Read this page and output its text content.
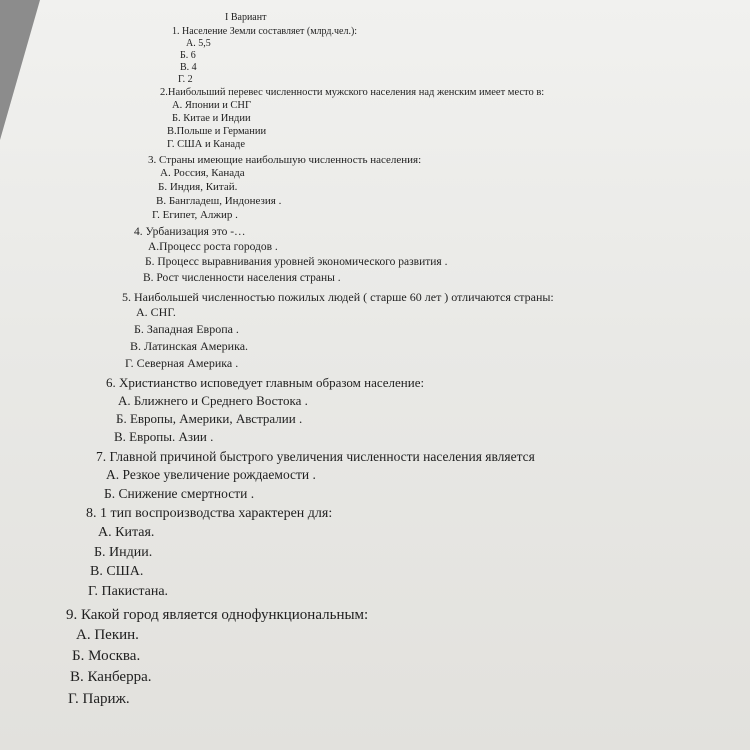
I Вариант
1. Население Земли составляет (млрд.чел.):
А. 5,5
Б. 6
В. 4
Г. 2
2.Наибольший перевес численности мужского населения над женским имеет место в:
А. Японии и СНГ
Б. Китае и Индии
В.Польше и Германии
Г. США и Канаде
3. Страны имеющие наибольшую численность населения:
А. Россия, Канада
Б. Индия, Китай.
В. Бангладеш, Индонезия .
Г. Египет, Алжир .
4. Урбанизация это -…
А.Процесс роста городов .
Б. Процесс выравнивания уровней экономического развития .
В. Рост численности населения страны .
5. Наибольшей численностью пожилых людей ( старше 60 лет ) отличаются страны:
А. СНГ.
Б. Западная Европа .
В. Латинская Америка.
Г. Северная Америка .
6. Христианство исповедует главным образом население:
А. Ближнего и Среднего Востока .
Б. Европы, Америки, Австралии .
В. Европы. Азии .
7. Главной причиной быстрого увеличения численности населения является
А. Резкое увеличение рождаемости .
Б. Снижение смертности .
8. 1 тип воспроизводства характерен для:
А. Китая.
Б. Индии.
В. США.
Г. Пакистана.
9. Какой город является однофункциональным:
А. Пекин.
Б. Москва.
В. Канберра.
Г. Париж.
